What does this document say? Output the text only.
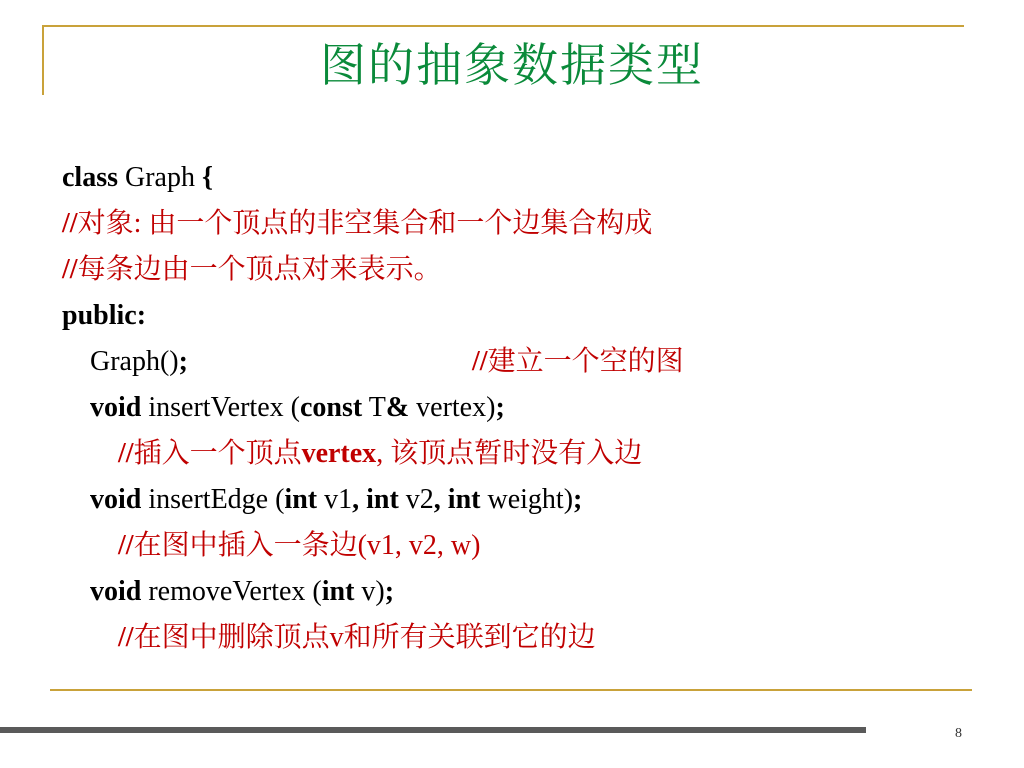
图的抽象数据类型
class Graph {
//对象: 由一个顶点的非空集合和一个边集合构成
//每条边由一个顶点对来表示。
public:
Graph();	//建立一个空的图
void insertVertex (const T& vertex);
//插入一个顶点vertex, 该顶点暂时没有入边
void insertEdge (int v1, int v2, int weight);
//在图中插入一条边(v1, v2, w)
void removeVertex (int v);
//在图中删除顶点v和所有关联到它的边
8
